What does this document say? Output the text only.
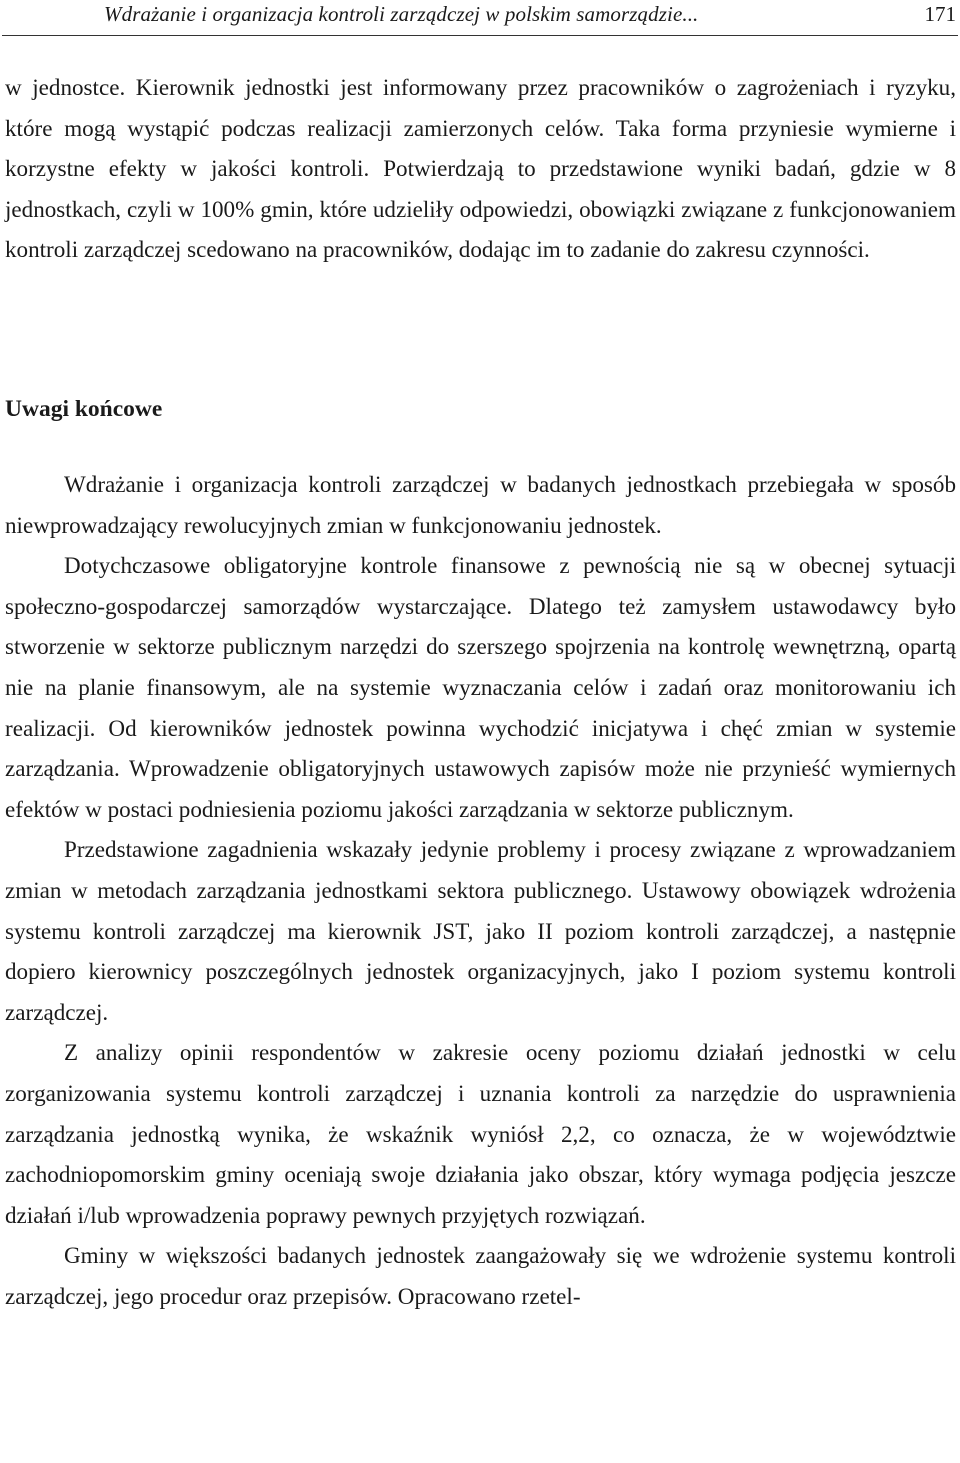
Wdrażanie i organizacja kontroli zarządczej w polskim samorządzie...	171

w jednostce. Kierownik jednostki jest informowany przez pracowników o zagrożeniach i ryzyku, które mogą wystąpić podczas realizacji zamierzonych celów. Taka forma przyniesie wymierne i korzystne efekty w jakości kontroli. Potwierdzają to przedstawione wyniki badań, gdzie w 8 jednostkach, czyli w 100% gmin, które udzieliły odpowiedzi, obowiązki związane z funkcjonowaniem kontroli zarządczej scedowano na pracowników, dodając im to zadanie do zakresu czynności.

Uwagi końcowe

Wdrażanie i organizacja kontroli zarządczej w badanych jednostkach przebiegała w sposób niewprowadzający rewolucyjnych zmian w funkcjonowaniu jednostek.

Dotychczasowe obligatoryjne kontrole finansowe z pewnością nie są w obecnej sytuacji społeczno-gospodarczej samorządów wystarczające. Dlatego też zamysłem ustawodawcy było stworzenie w sektorze publicznym narzędzi do szerszego spojrzenia na kontrolę wewnętrzną, opartą nie na planie finansowym, ale na systemie wyznaczania celów i zadań oraz monitorowaniu ich realizacji. Od kierowników jednostek powinna wychodzić inicjatywa i chęć zmian w systemie zarządzania. Wprowadzenie obligatoryjnych ustawowych zapisów może nie przynieść wymiernych efektów w postaci podniesienia poziomu jakości zarządzania w sektorze publicznym.

Przedstawione zagadnienia wskazały jedynie problemy i procesy związane z wprowadzaniem zmian w metodach zarządzania jednostkami sektora publicznego. Ustawowy obowiązek wdrożenia systemu kontroli zarządczej ma kierownik JST, jako II poziom kontroli zarządczej, a następnie dopiero kierownicy poszczególnych jednostek organizacyjnych, jako I poziom systemu kontroli zarządczej.

Z analizy opinii respondentów w zakresie oceny poziomu działań jednostki w celu zorganizowania systemu kontroli zarządczej i uznania kontroli za narzędzie do usprawnienia zarządzania jednostką wynika, że wskaźnik wyniósł 2,2, co oznacza, że w województwie zachodniopomorskim gminy oceniają swoje działania jako obszar, który wymaga podjęcia jeszcze działań i/lub wprowadzenia poprawy pewnych przyjętych rozwiązań.

Gminy w większości badanych jednostek zaangażowały się we wdrożenie systemu kontroli zarządczej, jego procedur oraz przepisów. Opracowano rzetel-
